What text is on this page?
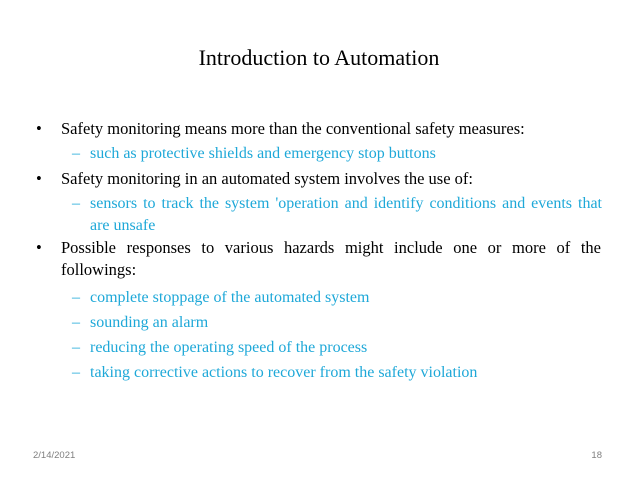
Introduction to Automation
•	Safety monitoring means more than the conventional safety measures:
– such as protective shields and emergency stop buttons
•	Safety monitoring in an automated system involves the use of:
– sensors to track the system 'operation and identify conditions and events that are unsafe
•	Possible responses to various hazards might include one or more of the followings:
– complete stoppage of the automated system
– sounding an alarm
– reducing the operating speed of the process
– taking corrective actions to recover from the safety violation
2/14/2021	18
